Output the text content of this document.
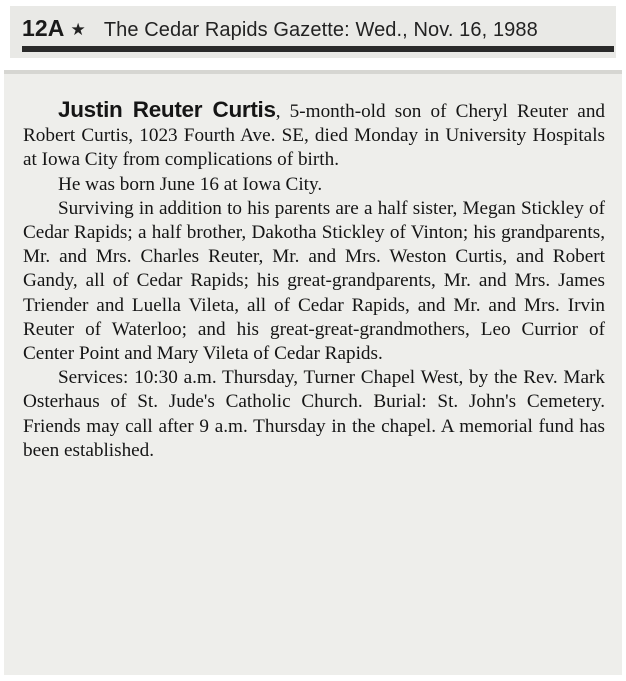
12A ★ The Cedar Rapids Gazette: Wed., Nov. 16, 1988

Justin Reuter Curtis, 5-month-old son of Cheryl Reuter and Robert Curtis, 1023 Fourth Ave. SE, died Monday in University Hospitals at Iowa City from complications of birth.

He was born June 16 at Iowa City.

Surviving in addition to his parents are a half sister, Megan Stickley of Cedar Rapids; a half brother, Dakotha Stickley of Vinton; his grandparents, Mr. and Mrs. Charles Reuter, Mr. and Mrs. Weston Curtis, and Robert Gandy, all of Cedar Rapids; his great-grandparents, Mr. and Mrs. James Triender and Luella Vileta, all of Cedar Rapids, and Mr. and Mrs. Irvin Reuter of Waterloo; and his great-great-grandmothers, Leo Currior of Center Point and Mary Vileta of Cedar Rapids.

Services: 10:30 a.m. Thursday, Turner Chapel West, by the Rev. Mark Osterhaus of St. Jude's Catholic Church. Burial: St. John's Cemetery. Friends may call after 9 a.m. Thursday in the chapel. A memorial fund has been established.
